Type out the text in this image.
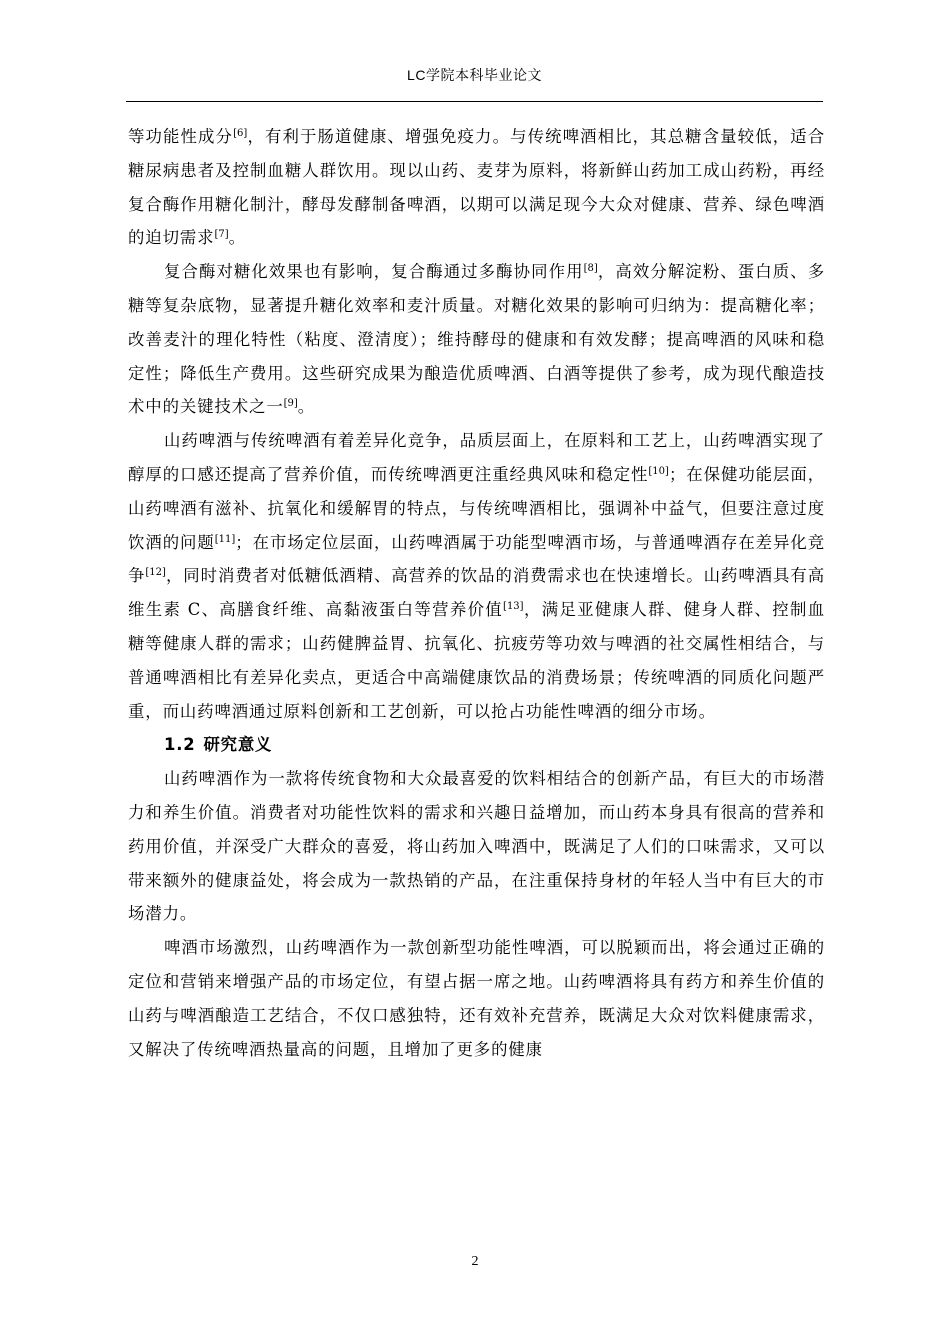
LC学院本科毕业论文

等功能性成分[6]，有利于肠道健康、增强免疫力。与传统啤酒相比，其总糖含量较低，适合糖尿病患者及控制血糖人群饮用。现以山药、麦芽为原料，将新鲜山药加工成山药粉，再经复合酶作用糖化制汁，酵母发酵制备啤酒，以期可以满足现今大众对健康、营养、绿色啤酒的迫切需求[7]。

复合酶对糖化效果也有影响，复合酶通过多酶协同作用[8]，高效分解淀粉、蛋白质、多糖等复杂底物，显著提升糖化效率和麦汁质量。对糖化效果的影响可归纳为：提高糖化率；改善麦汁的理化特性（粘度、澄清度）；维持酵母的健康和有效发酵；提高啤酒的风味和稳定性；降低生产费用。这些研究成果为酿造优质啤酒、白酒等提供了参考，成为现代酿造技术中的关键技术之一[9]。

山药啤酒与传统啤酒有着差异化竞争，品质层面上，在原料和工艺上，山药啤酒实现了醇厚的口感还提高了营养价值，而传统啤酒更注重经典风味和稳定性[10]；在保健功能层面，山药啤酒有滋补、抗氧化和缓解胃的特点，与传统啤酒相比，强调补中益气，但要注意过度饮酒的问题[11]；在市场定位层面，山药啤酒属于功能型啤酒市场，与普通啤酒存在差异化竞争[12]，同时消费者对低糖低酒精、高营养的饮品的消费需求也在快速增长。山药啤酒具有高维生素 C、高膳食纤维、高黏液蛋白等营养价值[13]，满足亚健康人群、健身人群、控制血糖等健康人群的需求；山药健脾益胃、抗氧化、抗疲劳等功效与啤酒的社交属性相结合，与普通啤酒相比有差异化卖点，更适合中高端健康饮品的消费场景；传统啤酒的同质化问题严重，而山药啤酒通过原料创新和工艺创新，可以抢占功能性啤酒的细分市场。

1.2 研究意义

山药啤酒作为一款将传统食物和大众最喜爱的饮料相结合的创新产品，有巨大的市场潜力和养生价值。消费者对功能性饮料的需求和兴趣日益增加，而山药本身具有很高的营养和药用价值，并深受广大群众的喜爱，将山药加入啤酒中，既满足了人们的口味需求，又可以带来额外的健康益处，将会成为一款热销的产品，在注重保持身材的年轻人当中有巨大的市场潜力。

啤酒市场激烈，山药啤酒作为一款创新型功能性啤酒，可以脱颖而出，将会通过正确的定位和营销来增强产品的市场定位，有望占据一席之地。山药啤酒将具有药方和养生价值的山药与啤酒酿造工艺结合，不仅口感独特，还有效补充营养，既满足大众对饮料健康需求，又解决了传统啤酒热量高的问题，且增加了更多的健康

2
